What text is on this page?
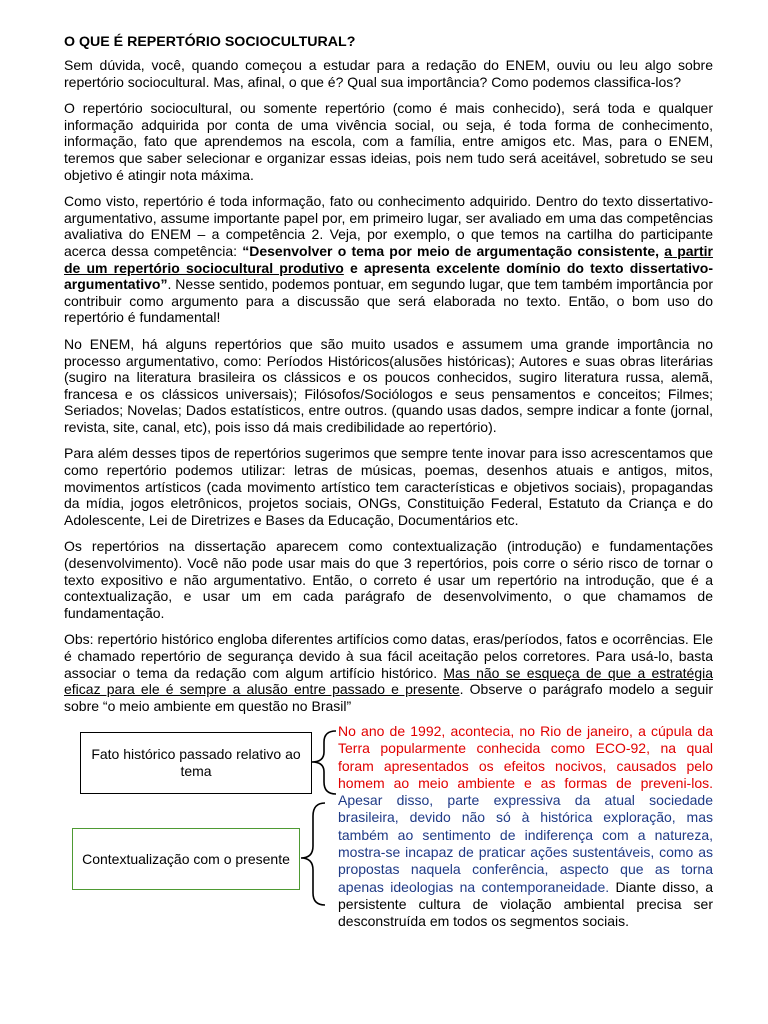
O QUE É REPERTÓRIO SOCIOCULTURAL?

Sem dúvida, você, quando começou a estudar para a redação do ENEM, ouviu ou leu algo sobre repertório sociocultural. Mas, afinal, o que é? Qual sua importância? Como podemos classifica-los?

O repertório sociocultural, ou somente repertório (como é mais conhecido), será toda e qualquer informação adquirida por conta de uma vivência social, ou seja, é toda forma de conhecimento, informação, fato que aprendemos na escola, com a família, entre amigos etc. Mas, para o ENEM, teremos que saber selecionar e organizar essas ideias, pois nem tudo será aceitável, sobretudo se seu objetivo é atingir nota máxima.

Como visto, repertório é toda informação, fato ou conhecimento adquirido. Dentro do texto dissertativo-argumentativo, assume importante papel por, em primeiro lugar, ser avaliado em uma das competências avaliativa do ENEM – a competência 2. Veja, por exemplo, o que temos na cartilha do participante acerca dessa competência: “Desenvolver o tema por meio de argumentação consistente, a partir de um repertório sociocultural produtivo e apresenta excelente domínio do texto dissertativo-argumentativo”. Nesse sentido, podemos pontuar, em segundo lugar, que tem também importância por contribuir como argumento para a discussão que será elaborada no texto. Então, o bom uso do repertório é fundamental!

No ENEM, há alguns repertórios que são muito usados e assumem uma grande importância no processo argumentativo, como: Períodos Históricos(alusões históricas); Autores e suas obras literárias (sugiro na literatura brasileira os clássicos e os poucos conhecidos, sugiro literatura russa, alemã, francesa e os clássicos universais); Filósofos/Sociólogos e seus pensamentos e conceitos; Filmes; Seriados; Novelas; Dados estatísticos, entre outros. (quando usas dados, sempre indicar a fonte (jornal, revista, site, canal, etc), pois isso dá mais credibilidade ao repertório).

Para além desses tipos de repertórios sugerimos que sempre tente inovar para isso acrescentamos que como repertório podemos utilizar: letras de músicas, poemas, desenhos atuais e antigos, mitos, movimentos artísticos (cada movimento artístico tem características e objetivos sociais), propagandas da mídia, jogos eletrônicos, projetos sociais, ONGs, Constituição Federal, Estatuto da Criança e do Adolescente, Lei de Diretrizes e Bases da Educação, Documentários etc.

Os repertórios na dissertação aparecem como contextualização (introdução) e fundamentações (desenvolvimento). Você não pode usar mais do que 3 repertórios, pois corre o sério risco de tornar o texto expositivo e não argumentativo. Então, o correto é usar um repertório na introdução, que é a contextualização, e usar um em cada parágrafo de desenvolvimento, o que chamamos de fundamentação.

Obs: repertório histórico engloba diferentes artifícios como datas, eras/períodos, fatos e ocorrências. Ele é chamado repertório de segurança devido à sua fácil aceitação pelos corretores. Para usá-lo, basta associar o tema da redação com algum artifício histórico. Mas não se esqueça de que a estratégia eficaz para ele é sempre a alusão entre passado e presente. Observe o parágrafo modelo a seguir sobre “o meio ambiente em questão no Brasil”

Fato histórico passado relativo ao tema
Contextualização com o presente
No ano de 1992, acontecia, no Rio de janeiro, a cúpula da Terra popularmente conhecida como ECO-92, na qual foram apresentados os efeitos nocivos, causados pelo homem ao meio ambiente e as formas de preveni-los. Apesar disso, parte expressiva da atual sociedade brasileira, devido não só à histórica exploração, mas também ao sentimento de indiferença com a natureza, mostra-se incapaz de praticar ações sustentáveis, como as propostas naquela conferência, aspecto que as torna apenas ideologias na contemporaneidade. Diante disso, a persistente cultura de violação ambiental precisa ser desconstruída em todos os segmentos sociais.
